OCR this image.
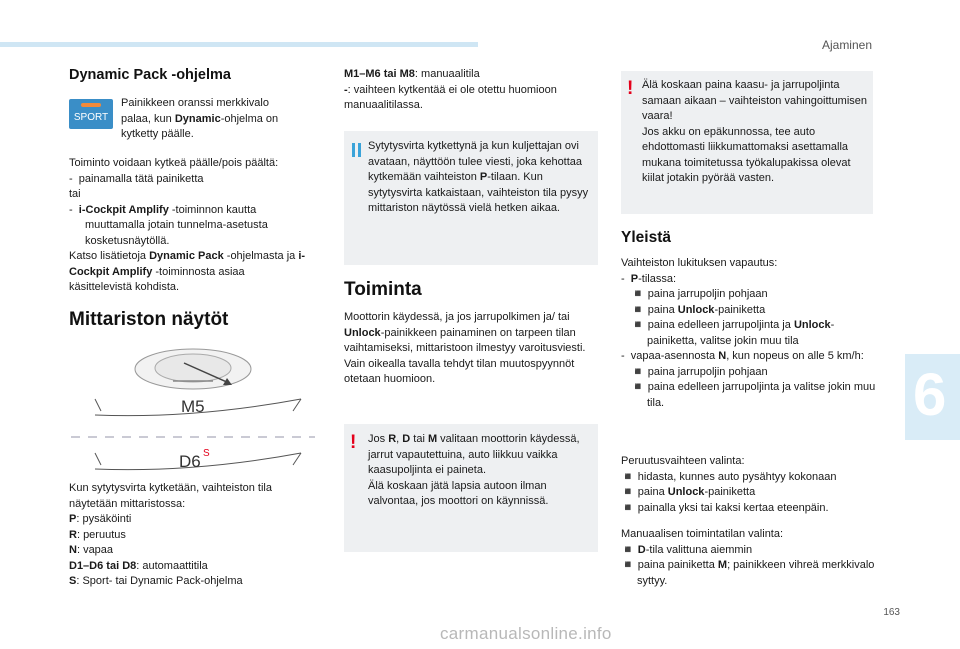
Ajaminen
Dynamic Pack -ohjelma
SPORT

Painikkeen oranssi merkkivalo
palaa, kun Dynamic-ohjelma on
kytketty päälle.

Toiminto voidaan kytkeä päälle/pois päältä:
-  painamalla tätä painiketta
tai
-  i-Cockpit Amplify -toiminnon kautta muuttamalla jotain tunnelma-asetusta kosketusnäytöllä.
Katso lisätietoja Dynamic Pack -ohjelmasta ja i-Cockpit Amplify -toiminnosta asiaa käsittelevistä kohdista.
Mittariston näytöt
M5
D6 S
Kun sytytysvirta kytketään, vaihteiston tila näytetään mittaristossa:
P: pysäköinti
R: peruutus
N: vapaa
D1–D6 tai D8: automaattitila
S: Sport- tai Dynamic Pack-ohjelma
M1–M6 tai M8: manuaalitila
-: vaihteen kytkentää ei ole otettu huomioon manuaalitilassa.

Sytytysvirta kytkettynä ja kun kuljettajan ovi avataan, näyttöön tulee viesti, joka kehottaa kytkemään vaihteiston P-tilaan. Kun sytytysvirta katkaistaan, vaihteiston tila pysyy mittariston näytössä vielä hetken aikaa.

Toiminta
Moottorin käydessä, ja jos jarrupolkimen ja/ tai Unlock-painikkeen painaminen on tarpeen tilan vaihtamiseksi, mittaristoon ilmestyy varoitusviesti.
Vain oikealla tavalla tehdyt tilan muutospyynnöt otetaan huomioon.
! Jos R, D tai M valitaan moottorin käydessä, jarrut vapautettuina, auto liikkuu vaikka kaasupoljinta ei paineta.
Älä koskaan jätä lapsia autoon ilman valvontaa, jos moottori on käynnissä.

! Älä koskaan paina kaasu- ja jarrupoljinta samaan aikaan – vaihteiston vahingoittumisen vaara!
Jos akku on epäkunnossa, tee auto ehdottomasti liikkumattomaksi asettamalla mukana toimitetussa työkalupakissa olevat kiilat jotakin pyörää vasten.

Yleistä
Vaihteiston lukituksen vapautus:
-  P-tilassa:
◾ paina jarrupoljin pohjaan
◾ paina Unlock-painiketta
◾ paina edelleen jarrupoljinta ja Unlock-painiketta, valitse jokin muu tila
-  vapaa-asennosta N, kun nopeus on alle 5 km/h:
◾ paina jarrupoljin pohjaan
◾ paina edelleen jarrupoljinta ja valitse jokin muu tila.
Peruutusvaihteen valinta:
◾ hidasta, kunnes auto pysähtyy kokonaan
◾ paina Unlock-painiketta
◾ painalla yksi tai kaksi kertaa eteenpäin.
Manuaalisen toimintatilan valinta:
◾ D-tila valittuna aiemmin
◾ paina painiketta M; painikkeen vihreä merkkivalo syttyy.
6
163
carmanualsonline.info
